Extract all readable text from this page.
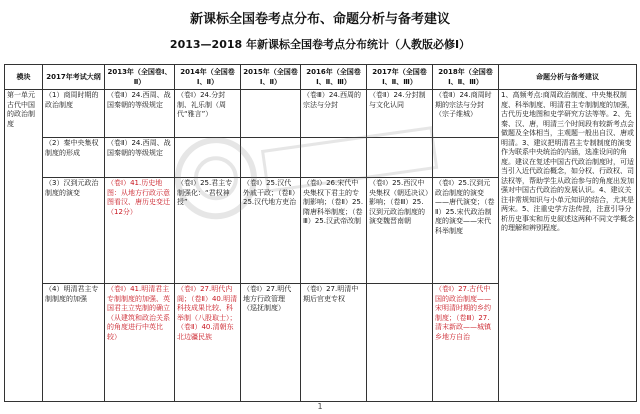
新课标全国卷考点分布、命题分析与备考建议
2013—2018 年新课标全国卷考点分布统计（人教版必修Ⅰ）
模块	2017年考试大纲	2013年（全国卷Ⅰ、Ⅱ）	2014年（全国卷Ⅰ、Ⅱ）	2015年（全国卷Ⅰ、Ⅱ）	2016年（全国卷Ⅰ、Ⅱ、Ⅲ）	2017年（全国卷Ⅰ、Ⅱ、Ⅲ）	2018年（全国卷Ⅰ、Ⅱ、Ⅲ）	命题分析与备考建议
第一单元 古代中国的政治制度	（1）商周时期的政治制度	（卷Ⅱ）24.西周、战国秦朝的等级规定	（卷Ⅰ）24.分封制、礼乐制（周代“雅言”）		（卷Ⅲ）24.西周的宗法与分封	（卷Ⅱ）24.分封制与文化认同	（卷Ⅱ）24.商周时期的宗法与分封（宗子维城）	1、高频考点:商周政治制度、中央集权制度、科举制度、明清君主专制制度的加强，古代历史地图和史学研究方法等等。2、先秦、汉、唐，明清三个时间段有较新考点会做题及全体相当，主观题一般出自汉、唐或明清。3、建议把明清君主专制制度的演变作为联系中央统治的内涵，选准设问的角度。建议在复述中国古代政治制度时，可适当引入近代政治概念，如分权、行政权、司法权等，帮助学生从政治参与的角度出发加强对中国古代政治的发展认识。4、建议关注非常规知识与小单元知识的结合，尤其是两宋。5、注重史学方法传授，注意引导分析历史事实和历史叙述这两种不同文学概念的理解和辨别程度。
	（2）秦中央集权制度的形成	（卷Ⅱ）24.西周、战国秦朝的等级规定						
	（3）汉到元政治制度的演变	（卷Ⅰ）41.历史地图：从地方行政示意图看汉、唐历史变迁（12分）	（卷Ⅰ）25.君主专制强化：“君权神授”	（卷Ⅰ）25.汉代外戚干政；（卷Ⅱ）25.汉代地方吏治	（卷Ⅰ）26.宋代中央集权下君主的专制影响；（卷Ⅱ）25.隋唐科举制度；（卷Ⅲ）25.汉武帝改制	（卷Ⅰ）25.西汉中央集权（朝廷决议）影响；（卷Ⅲ）25.汉到元政治制度的演变魏晋南朝	（卷Ⅰ）25.汉到元政治制度的演变——唐代演变；（卷Ⅱ）25.宋代政治制度的演变——宋代科举制度	
	（4）明清君主专制制度的加强	（卷Ⅰ）41.明清君主专制制度的加强、英国君主立宪制的确立（从建筑和政治关系的角度进行中英比较）	（卷Ⅰ）27.明代内阁；（卷Ⅱ）40.明清科技成果比较、科举制（八股取士）；（卷Ⅱ）40.清朝东北边疆民族	（卷Ⅰ）27.明代地方行政管理（巡抚制度）	（卷Ⅰ）27.明清中期后官吏专权		（卷Ⅰ）27.古代中国的政治制度——宋明清时期的乡约制度；（卷Ⅲ）27.清末新政——城镇乡地方自治	
1
